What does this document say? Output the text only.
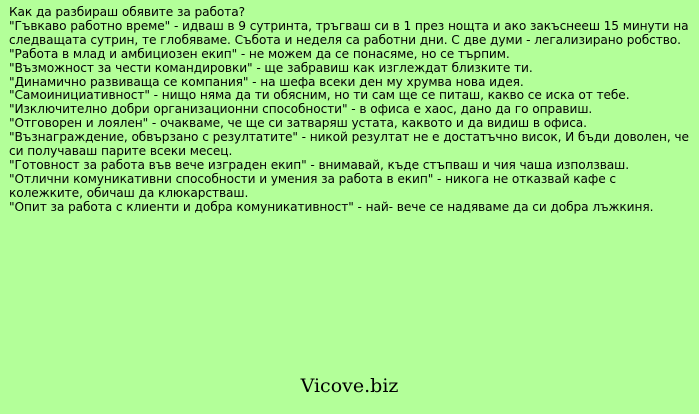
Как да разбираш обявите за работа?

"Гъвкаво работно време" - идваш в 9 сутринта, тръгваш си в 1 през нощта и ако закъснееш 15 минути на следващата сутрин, те глобяваме. Събота и неделя са работни дни. С две думи - легализирано робство.

"Работа в млад и амбициозен екип" - не можем да се понасяме, но се търпим.

"Възможност за чести командировки" - ще забравиш как изглеждат близките ти.

"Динамично развиваща се компания" - на шефа всеки ден му хрумва нова идея.

"Самоинициативност" - нищо няма да ти обясним, но ти сам ще се питаш, какво се иска от тебе.

"Изключително добри организационни способности" - в офиса е хаос, дано да го оправиш.

"Отговорен и лоялен" - очакваме, че ще си затваряш устата, каквото и да видиш в офиса.

"Възнаграждение, обвързано с резултатите" - никой резултат не е достатъчно висок, И бъди доволен, че си получаваш парите всеки месец.

"Готовност за работа във вече изграден екип" - внимавай, къде стъпваш и чия чаша използваш.

"Отлични комуникативни способности и умения за работа в екип" - никога не отказвай кафе с колежките, обичаш да клюкарстваш.

"Опит за работа с клиенти и добра комуникативност" - най- вече се надяваме да си добра лъжкиня.

Vicove.biz
